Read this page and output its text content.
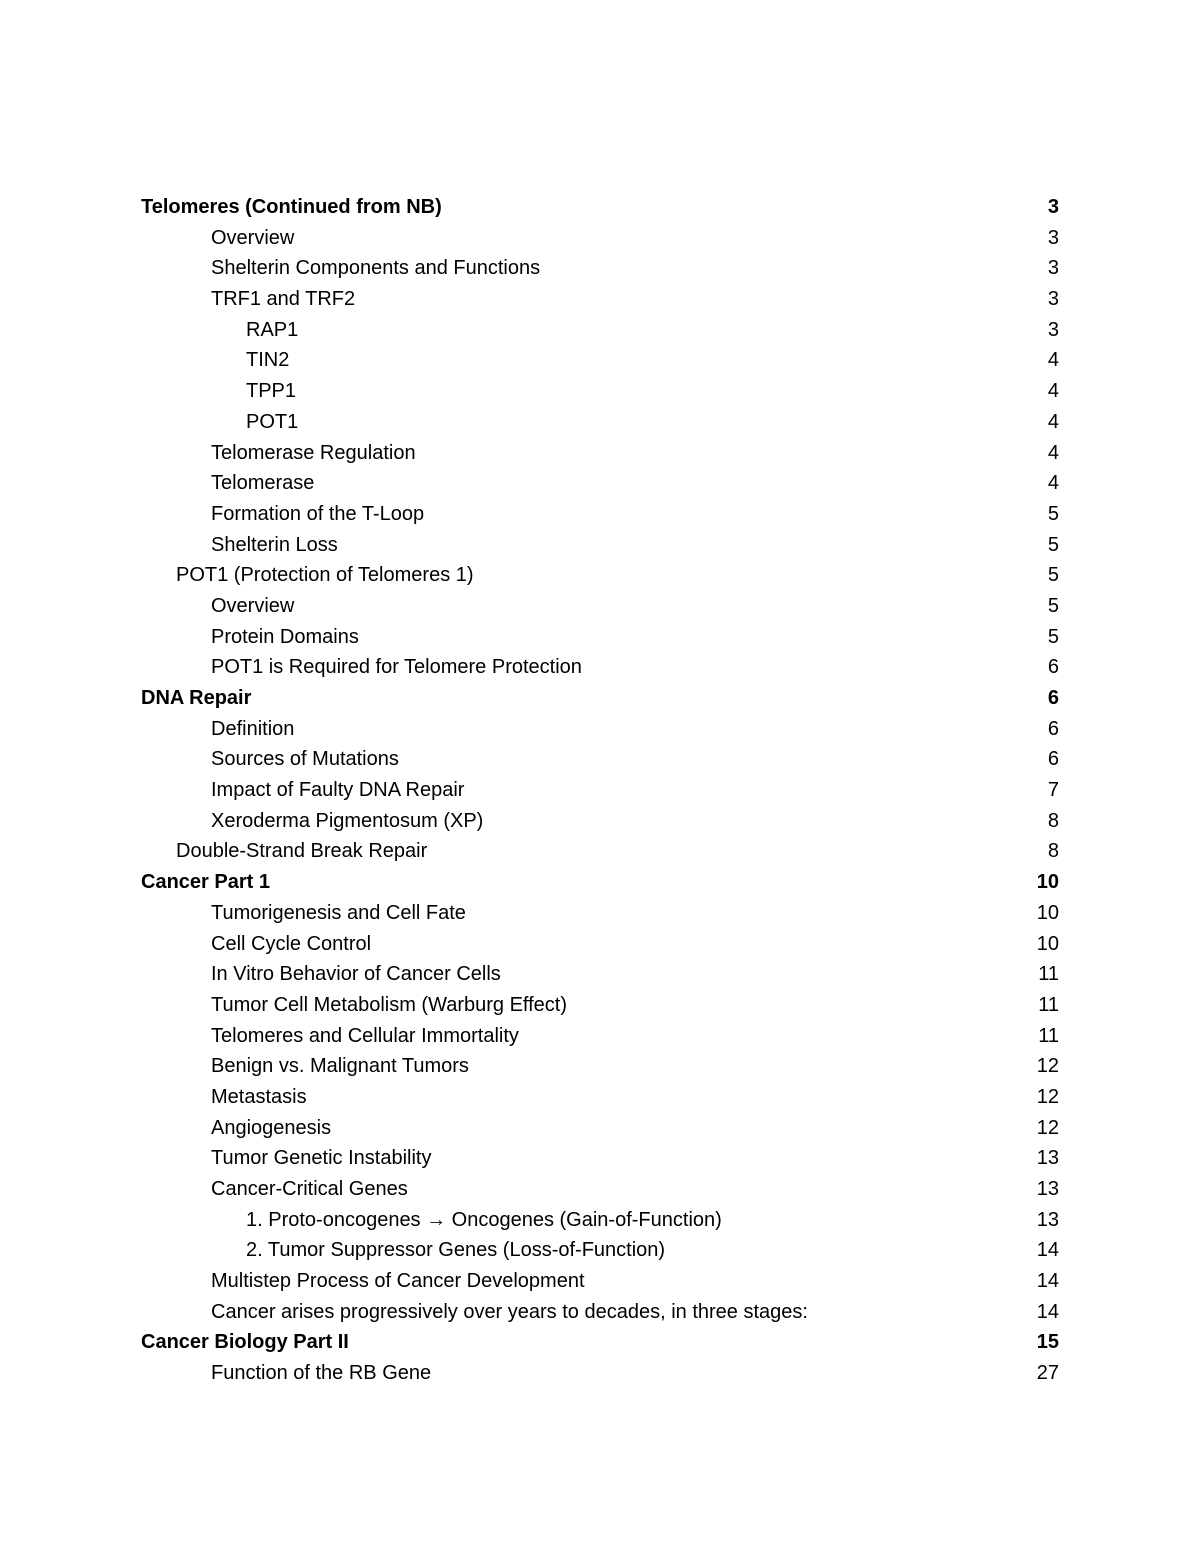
Telomeres (Continued from NB)	3
Overview	3
Shelterin Components and Functions	3
TRF1 and TRF2	3
RAP1	3
TIN2	4
TPP1	4
POT1	4
Telomerase Regulation	4
Telomerase	4
Formation of the T-Loop	5
Shelterin Loss	5
POT1 (Protection of Telomeres 1)	5
Overview	5
Protein Domains	5
POT1 is Required for Telomere Protection	6
DNA Repair	6
Definition	6
Sources of Mutations	6
Impact of Faulty DNA Repair	7
Xeroderma Pigmentosum (XP)	8
Double-Strand Break Repair	8
Cancer Part 1	10
Tumorigenesis and Cell Fate	10
Cell Cycle Control	10
In Vitro Behavior of Cancer Cells	11
Tumor Cell Metabolism (Warburg Effect)	11
Telomeres and Cellular Immortality	11
Benign vs. Malignant Tumors	12
Metastasis	12
Angiogenesis	12
Tumor Genetic Instability	13
Cancer-Critical Genes	13
1. Proto-oncogenes → Oncogenes (Gain-of-Function)	13
2. Tumor Suppressor Genes (Loss-of-Function)	14
Multistep Process of Cancer Development	14
Cancer arises progressively over years to decades, in three stages:	14
Cancer Biology Part II	15
Function of the RB Gene	27
